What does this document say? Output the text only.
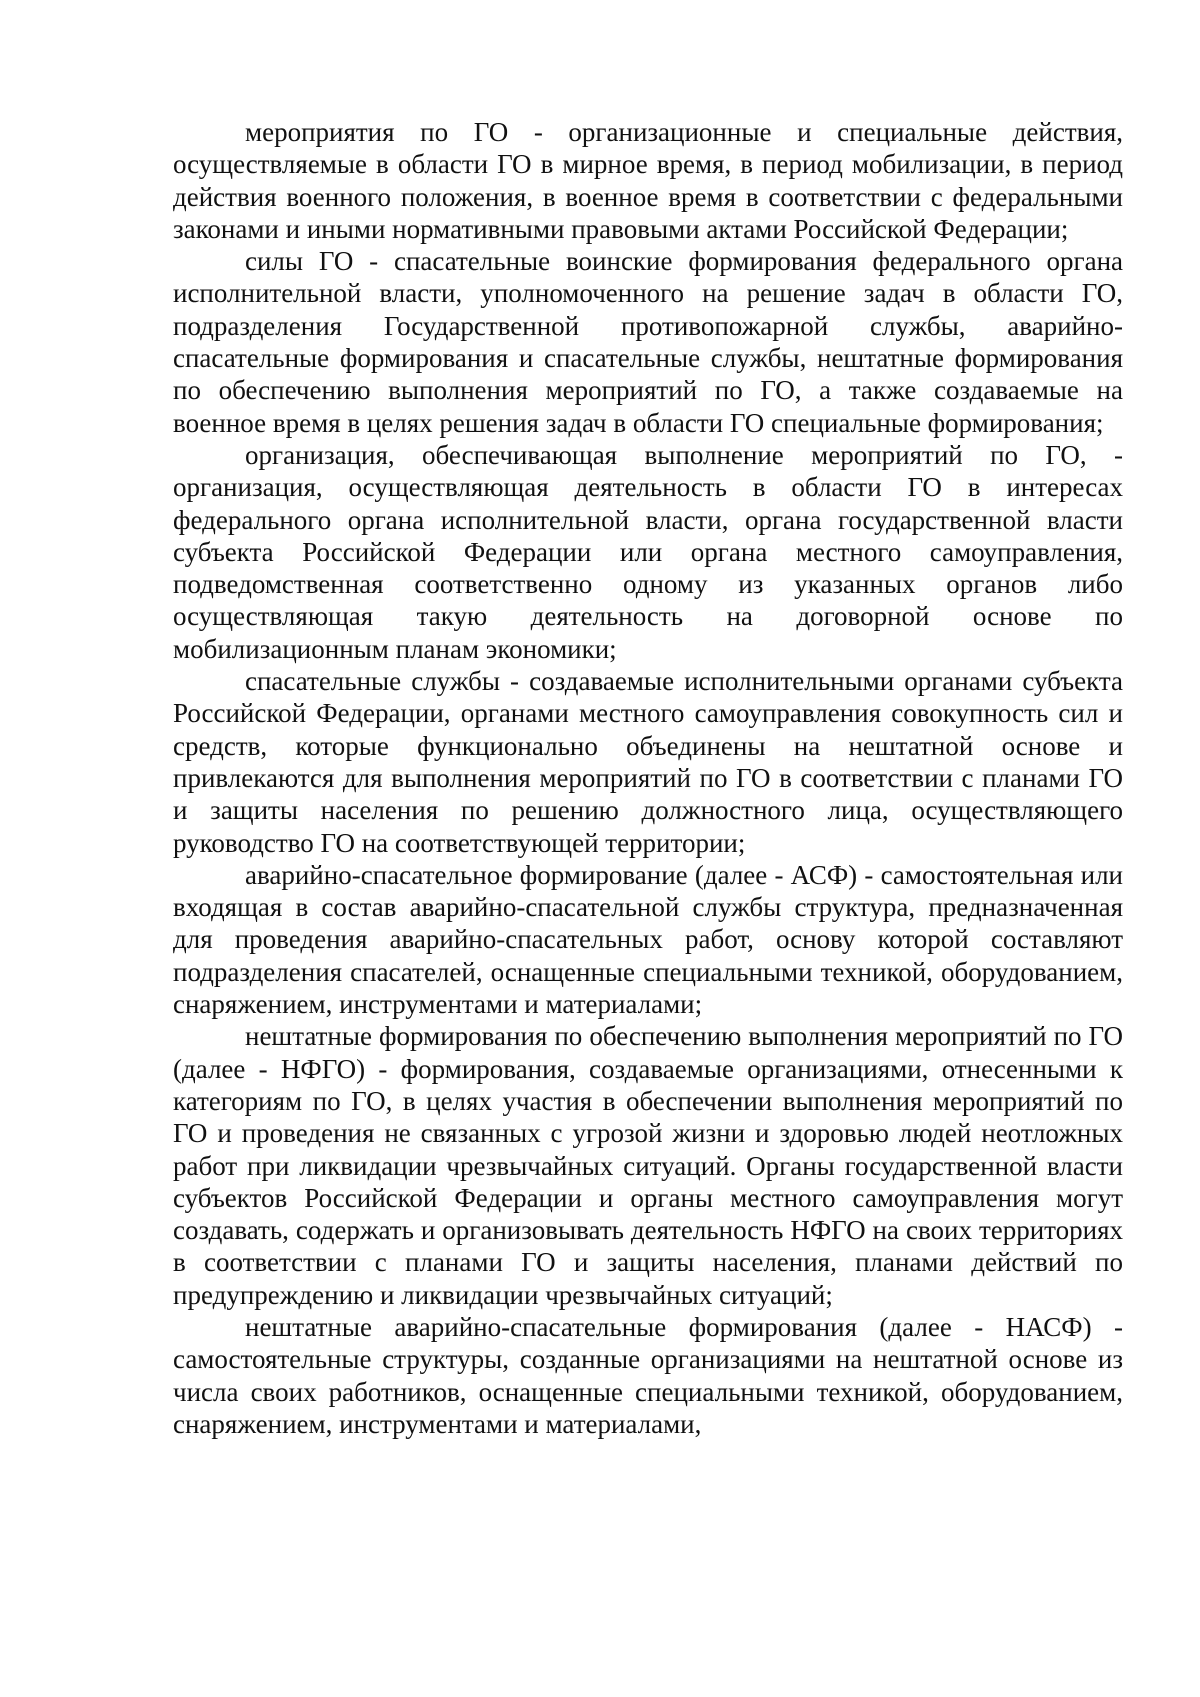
мероприятия по ГО - организационные и специальные действия, осуществляемые в области ГО в мирное время, в период мобилизации, в период действия военного положения, в военное время в соответствии с федеральными законами и иными нормативными правовыми актами Российской Федерации;

силы ГО - спасательные воинские формирования федерального органа исполнительной власти, уполномоченного на решение задач в области ГО, подразделения Государственной противопожарной службы, аварийно-спасательные формирования и спасательные службы, нештатные формирования по обеспечению выполнения мероприятий по ГО, а также создаваемые на военное время в целях решения задач в области ГО специальные формирования;

организация, обеспечивающая выполнение мероприятий по ГО, - организация, осуществляющая деятельность в области ГО в интересах федерального органа исполнительной власти, органа государственной власти субъекта Российской Федерации или органа местного самоуправления, подведомственная соответственно одному из указанных органов либо осуществляющая такую деятельность на договорной основе по мобилизационным планам экономики;

спасательные службы - создаваемые исполнительными органами субъекта Российской Федерации, органами местного самоуправления совокупность сил и средств, которые функционально объединены на нештатной основе и привлекаются для выполнения мероприятий по ГО в соответствии с планами ГО и защиты населения по решению должностного лица, осуществляющего руководство ГО на соответствующей территории;

аварийно-спасательное формирование (далее - АСФ) - самостоятельная или входящая в состав аварийно-спасательной службы структура, предназначенная для проведения аварийно-спасательных работ, основу которой составляют подразделения спасателей, оснащенные специальными техникой, оборудованием, снаряжением, инструментами и материалами;

нештатные формирования по обеспечению выполнения мероприятий по ГО (далее - НФГО) - формирования, создаваемые организациями, отнесенными к категориям по ГО, в целях участия в обеспечении выполнения мероприятий по ГО и проведения не связанных с угрозой жизни и здоровью людей неотложных работ при ликвидации чрезвычайных ситуаций. Органы государственной власти субъектов Российской Федерации и органы местного самоуправления могут создавать, содержать и организовывать деятельность НФГО на своих территориях в соответствии с планами ГО и защиты населения, планами действий по предупреждению и ликвидации чрезвычайных ситуаций;

нештатные аварийно-спасательные формирования (далее - НАСФ) - самостоятельные структуры, созданные организациями на нештатной основе из числа своих работников, оснащенные специальными техникой, оборудованием, снаряжением, инструментами и материалами,
